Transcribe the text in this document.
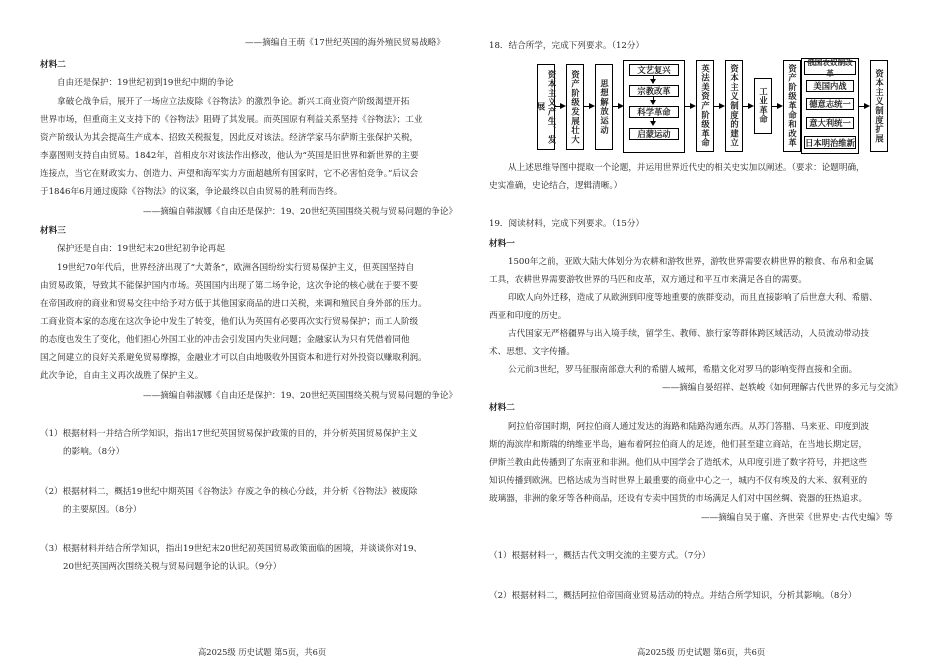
——摘编自王萌《17世纪英国的海外殖民贸易战略》
材料二
自由还是保护：19世纪初到19世纪中期的争论
拿破仑战争后，展开了一场应立法废除《谷物法》的激烈争论。新兴工商业资产阶级渴望开拓
世界市场，但重商主义支持下的《谷物法》阻碍了其发展。而英国原有利益关系坚持《谷物法》；工业
资产阶级认为其会提高生产成本、招致关税报复，因此反对该法。经济学家马尔萨斯主张保护关税，
李嘉图则支持自由贸易。1842年，首相皮尔对该法作出修改，他认为“英国是旧世界和新世界的主要
连接点，当它在财政实力、创造力、声望和海军实力方面超越所有国家时，它不必害怕竞争。”后议会
于1846年6月通过废除《谷物法》的议案，争论最终以自由贸易的胜利而告终。
——摘编自韩淑娜《自由还是保护：19、20世纪英国围绕关税与贸易问题的争论》
材料三
保护还是自由：19世纪末20世纪初争论再起
19世纪70年代后，世界经济出现了“大萧条”，欧洲各国纷纷实行贸易保护主义，但英国坚持自
由贸易政策，导致其不能保护国内市场。英国国内出现了第二场争论，这次争论的核心就在于要不要
在帝国政府的商业和贸易交往中给予对方低于其他国家商品的进口关税，来调和殖民自身外部的压力。
工商业资本家的态度在这次争论中发生了转变，他们认为英国有必要再次实行贸易保护；而工人阶级
的态度也发生了变化，他们担心外国工业的冲击会引发国内失业问题；金融家认为只有凭借着同他
国之间建立的良好关系避免贸易摩擦，金融业才可以自由地吸收外国资本和进行对外投资以赚取利润。
此次争论，自由主义再次战胜了保护主义。
——摘编自韩淑娜《自由还是保护：19、20世纪英国围绕关税与贸易问题的争论》
（1）根据材料一并结合所学知识，指出17世纪英国贸易保护政策的目的，并分析英国贸易保护主义
的影响。（8分）
（2）根据材料二，概括19世纪中期英国《谷物法》存废之争的核心分歧，并分析《谷物法》被废除
的主要原因。（8分）
（3）根据材料并结合所学知识，指出19世纪末20世纪初英国贸易政策面临的困境，并谈谈你对19、
20世纪英国两次围绕关税与贸易问题争论的认识。（9分）
高2025级 历史试题 第5页，共6页
18．结合所学，完成下列要求。（12分）
资本主义产生、发展	资产阶级发展壮大	思想解放运动
文艺复兴
宗教改革
科学革命
启蒙运动	英法美资产阶级革命	资本主义制度的建立	工业革命	资产阶级革命和改革
俄国农奴制改革
美国内战
德意志统一
意大利统一
日本明治维新	资本主义制度扩展
从上述思维导图中提取一个论题，并运用世界近代史的相关史实加以阐述。（要求：论题明确，
史实准确，史论结合，逻辑清晰。）
19．阅读材料，完成下列要求。（15分）
材料一
1500年之前，亚欧大陆大体划分为农耕和游牧世界，游牧世界需要农耕世界的粮食、布帛和金属
工具，农耕世界需要游牧世界的马匹和皮革，双方通过和平互市来满足各自的需要。
印欧人向外迁移，造成了从欧洲到印度等地重要的族群变动，而且直接影响了后世意大利、希腊、
西亚和印度的历史。
古代国家无严格疆界与出入境手续，留学生、教师、旅行家等群体跨区域活动，人员流动带动技
术、思想、文字传播。
公元前3世纪，罗马征服南部意大利的希腊人城邦，希腊文化对罗马的影响变得直接和全面。
——摘编自晏绍祥、赵轶峻《如何理解古代世界的多元与交流》
材料二
阿拉伯帝国时期，阿拉伯商人通过发达的海路和陆路沟通东西。从苏门答腊、马来亚、印度到波
斯的海滨岸和斯瑞的纳维亚半岛，遍布着阿拉伯商人的足迹，他们甚至建立商站，在当地长期定居，
伊斯兰教由此传播到了东南亚和非洲。他们从中国学会了造纸术，从印度引进了数字符号，并把这些
知识传播到欧洲。巴格达成为当时世界上最重要的商业中心之一，城内不仅有埃及的大米、叙利亚的
玻璃器，非洲的象牙等各种商品，还设有专卖中国货的市场满足人们对中国丝绸、瓷器的狂热追求。
——摘编自吴于廑、齐世荣《世界史·古代史编》等
（1）根据材料一，概括古代文明交流的主要方式。（7分）
（2）根据材料二，概括阿拉伯帝国商业贸易活动的特点。并结合所学知识，分析其影响。（8分）
高2025级 历史试题 第6页，共6页
